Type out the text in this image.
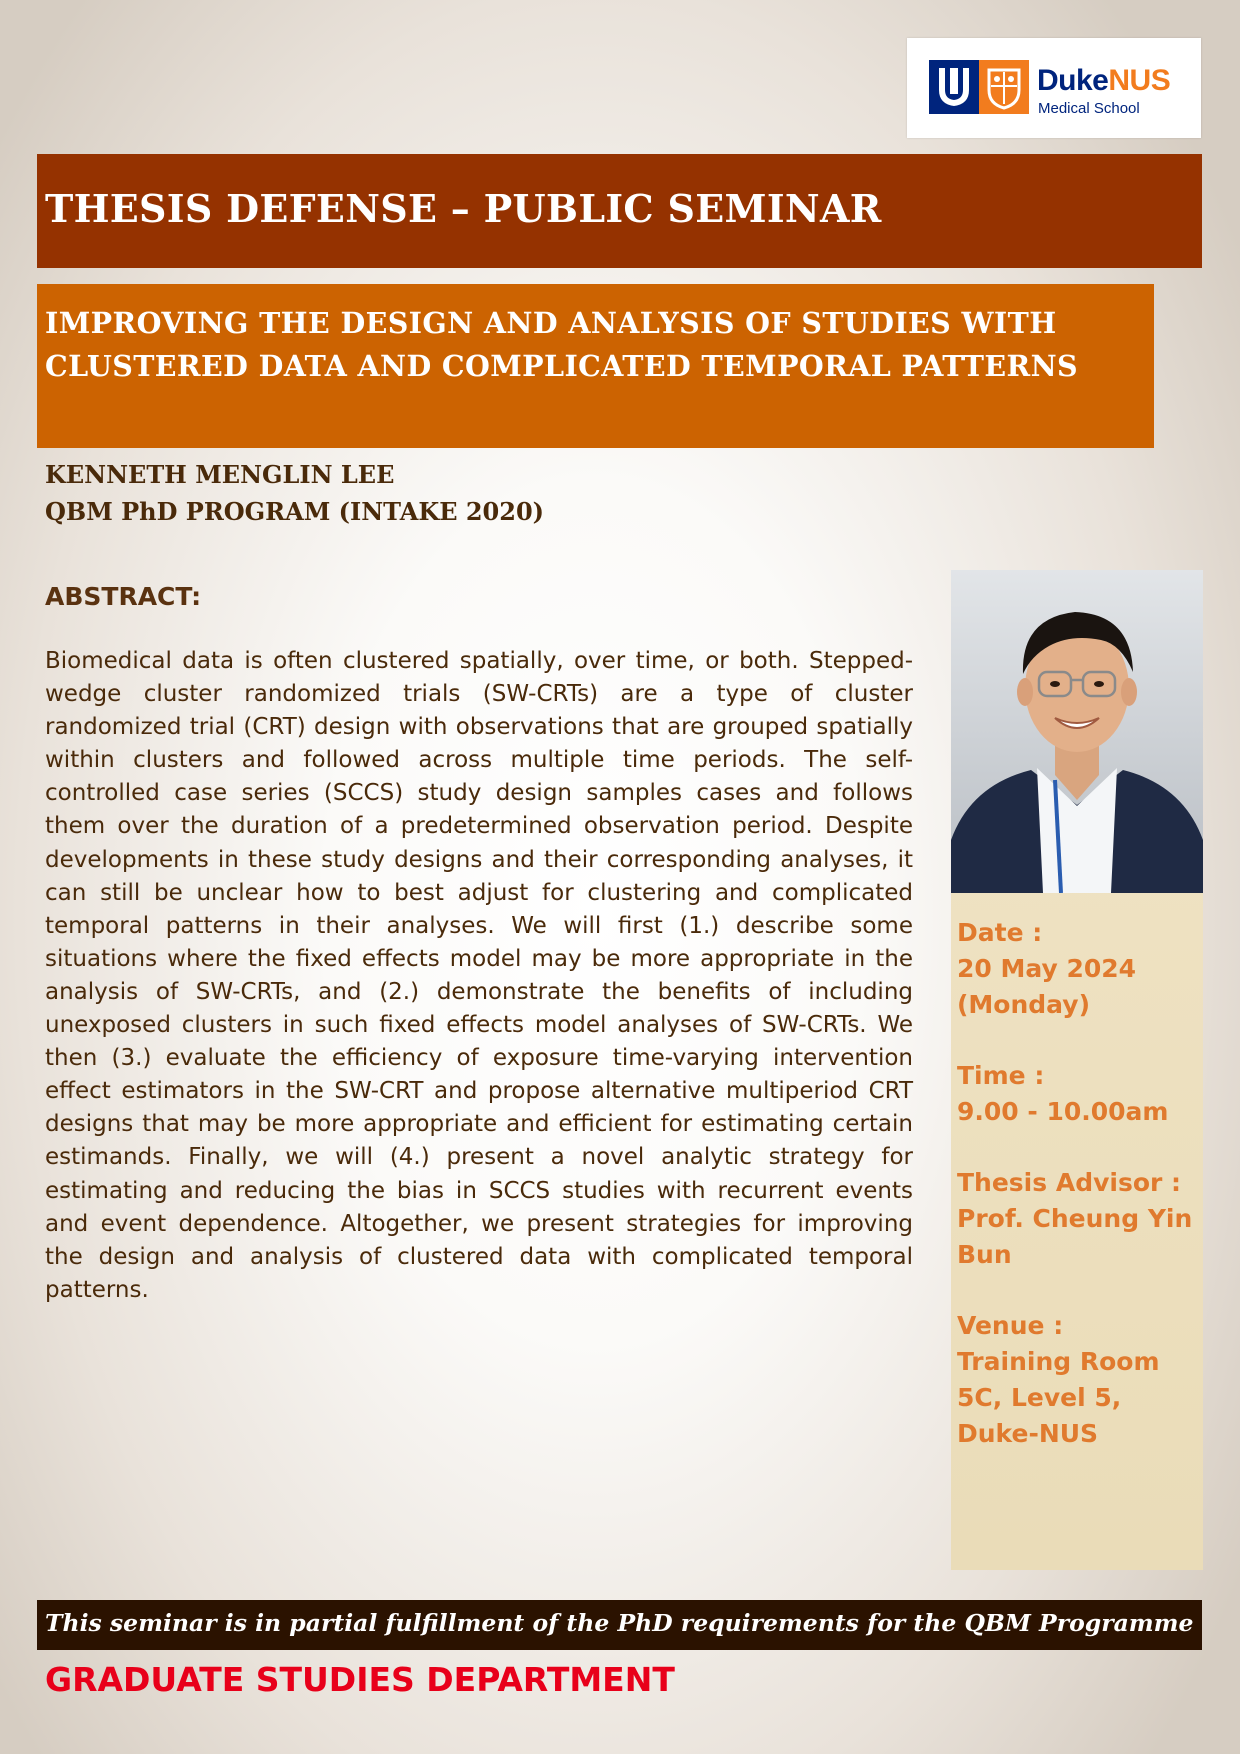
DukeNUS
Medical School
THESIS DEFENSE – PUBLIC SEMINAR
IMPROVING THE DESIGN AND ANALYSIS OF STUDIES WITH CLUSTERED DATA AND COMPLICATED TEMPORAL PATTERNS
KENNETH MENGLIN LEE
QBM PhD PROGRAM (INTAKE 2020)
ABSTRACT:

Biomedical data is often clustered spatially, over time, or both. Stepped-wedge cluster randomized trials (SW-CRTs) are a type of cluster randomized trial (CRT) design with observations that are grouped spatially within clusters and followed across multiple time periods. The self-controlled case series (SCCS) study design samples cases and follows them over the duration of a predetermined observation period. Despite developments in these study designs and their corresponding analyses, it can still be unclear how to best adjust for clustering and complicated temporal patterns in their analyses. We will first (1.) describe some situations where the fixed effects model may be more appropriate in the analysis of SW-CRTs, and (2.) demonstrate the benefits of including unexposed clusters in such fixed effects model analyses of SW-CRTs. We then (3.) evaluate the efficiency of exposure time-varying intervention effect estimators in the SW-CRT and propose alternative multiperiod CRT designs that may be more appropriate and efficient for estimating certain estimands. Finally, we will (4.) present a novel analytic strategy for estimating and reducing the bias in SCCS studies with recurrent events and event dependence. Altogether, we present strategies for improving the design and analysis of clustered data with complicated temporal patterns.

Date :
20 May 2024
(Monday)
Time :
9.00 - 10.00am
Thesis Advisor :
Prof. Cheung Yin Bun
Venue :
Training Room 5C, Level 5, Duke-NUS

This seminar is in partial fulfillment of the PhD requirements for the QBM Programme

GRADUATE STUDIES DEPARTMENT
